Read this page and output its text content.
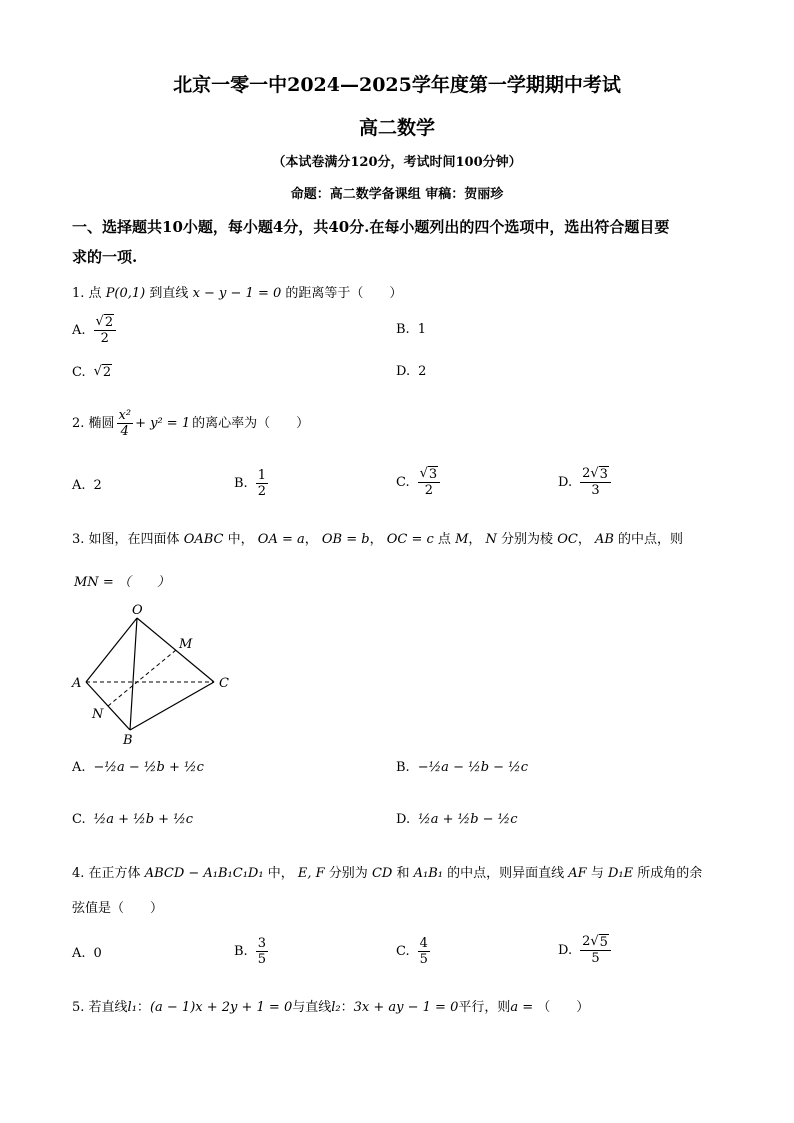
北京一零一中2024—2025学年度第一学期期中考试
高二数学
（本试卷满分120分，考试时间100分钟）
命题：高二数学备课组 审稿：贺丽珍
一、选择题共10小题，每小题4分，共40分.在每小题列出的四个选项中，选出符合题目要
求的一项.
1. 点 P(0,1) 到直线 x − y − 1 = 0 的距离等于（　　）
A. $\frac{√ 2}{2}$	B. 1
C. √ 2	D. 2
2. 椭圆 $\frac{\text{x²}}{4} + y^2 = 1$ 的离心率为（　　）
A. 2	B. $\frac{1}{2}$	C. $\frac{√ 3}{2}$	D. $\frac{2√ 3}{3}$
3. 如图，在四面体 OABC 中， OA = a， OB = b， OC = c 点 M， N 分别为棱 OC， AB 的中点，则
MN = （　　）
O
M
A	C
N
B
A. −½a − ½b + ½c	B. −½a − ½b − ½c
C. ½a + ½b + ½c	D. ½a + ½b − ½c
4. 在正方体 ABCD − A₁B₁C₁D₁ 中， E, F 分别为 CD 和 A₁B₁ 的中点，则异面直线 AF 与 D₁E 所成角的余
弦值是（　　）
A. 0	B. $\frac{3}{5}$	C. $\frac{4}{5}$	D. $\frac{2√ 5}{5}$
5. 若直线l₁：(a − 1)x + 2y + 1 = 0与直线l₂：3x + ay − 1 = 0平行，则a = （　　）
